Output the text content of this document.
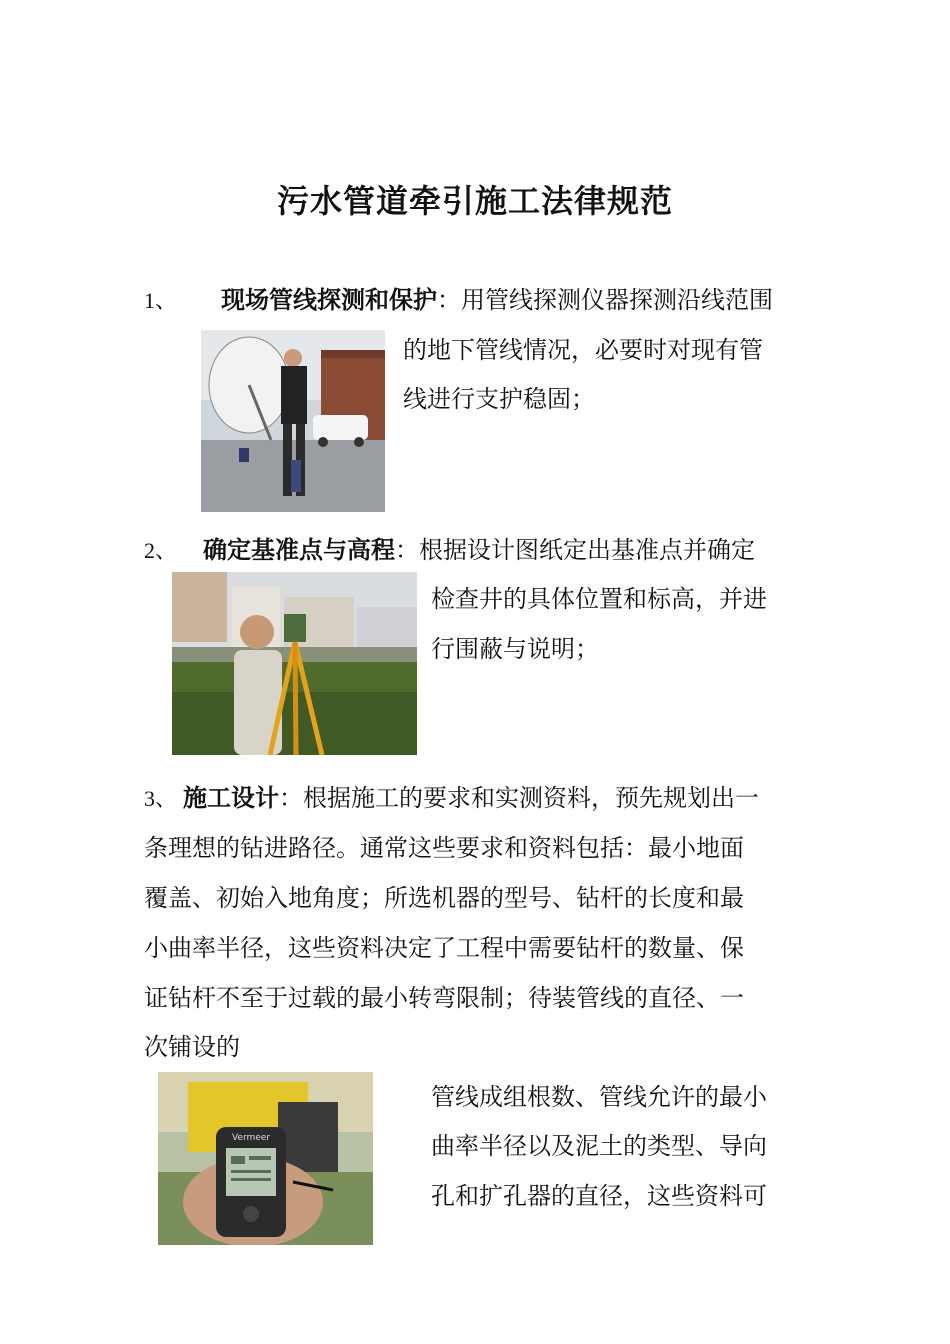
污水管道牵引施工法律规范
1、 现场管线探测和保护：用管线探测仪器探测沿线范围
的地下管线情况，必要时对现有管
线进行支护稳固；
2、 确定基准点与高程：根据设计图纸定出基准点并确定
检查井的具体位置和标高，并进
行围蔽与说明；
3、 施工设计：根据施工的要求和实测资料，预先规划出一
条理想的钻进路径。通常这些要求和资料包括：最小地面
覆盖、初始入地角度；所选机器的型号、钻杆的长度和最
小曲率半径，这些资料决定了工程中需要钻杆的数量、保
证钻杆不至于过载的最小转弯限制；待装管线的直径、一
次铺设的
管线成组根数、管线允许的最小
曲率半径以及泥土的类型、导向
孔和扩孔器的直径，这些资料可
Vermeer
